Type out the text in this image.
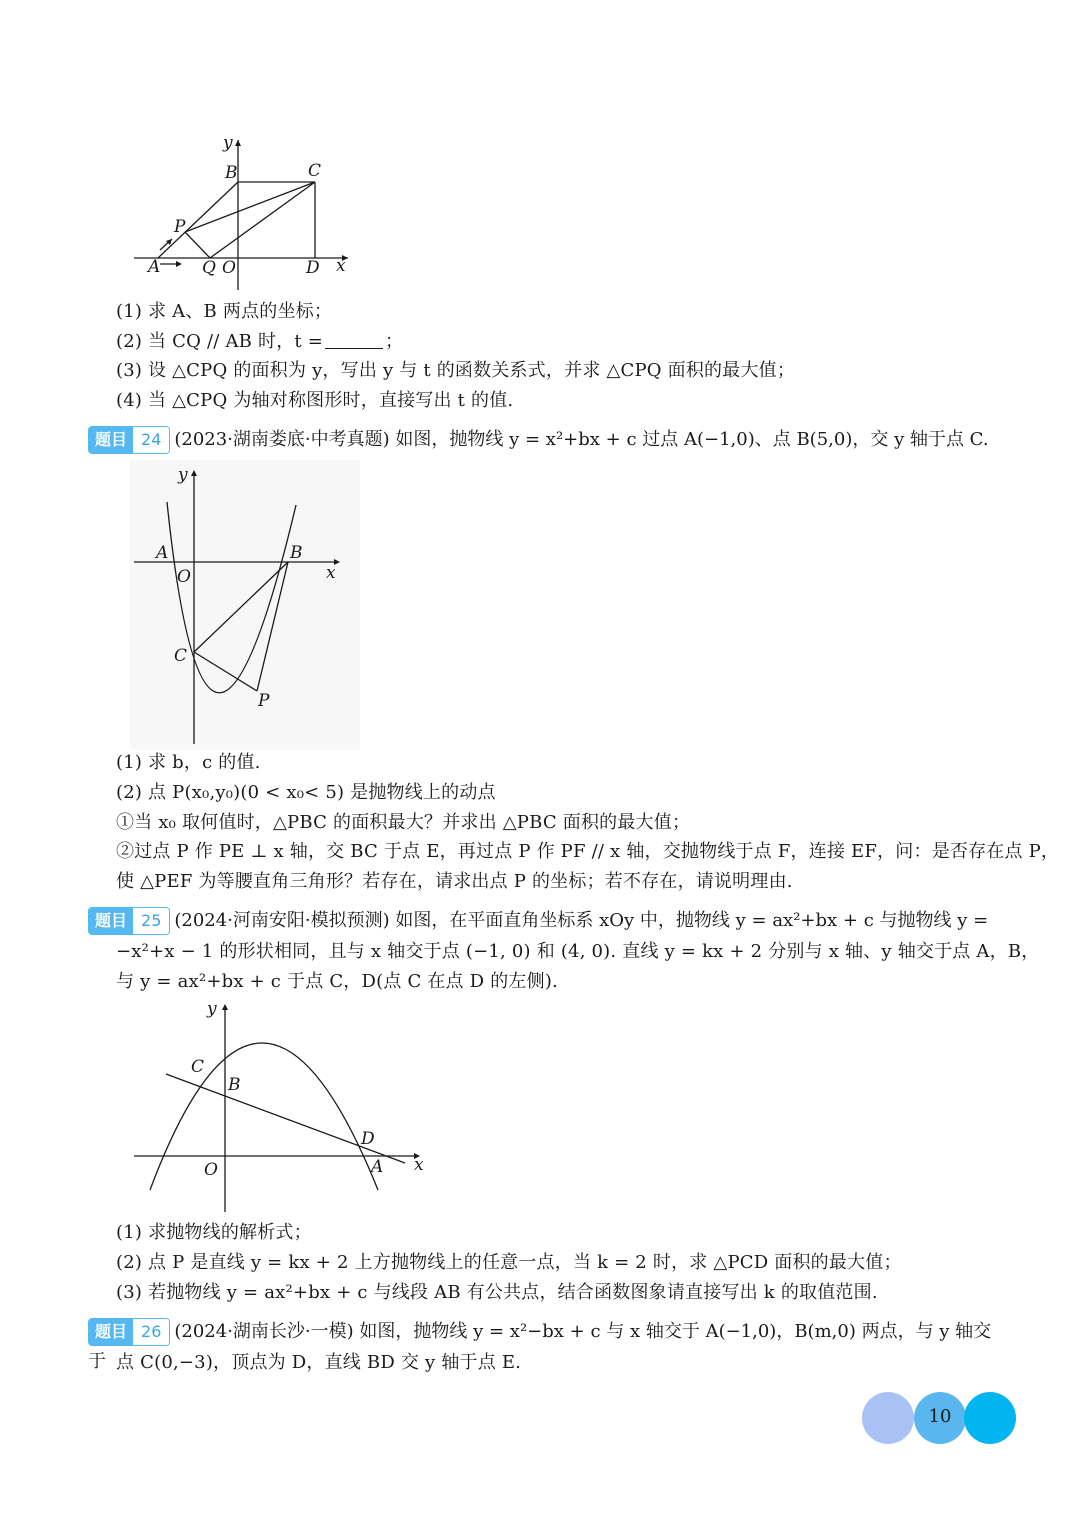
y
x
B	C
P
A Q O	D
(1) 求 A、B 两点的坐标；
(2) 当 CQ // AB 时，t =	；
(3) 设 △CPQ 的面积为 y，写出 y 与 t 的函数关系式，并求 △CPQ 面积的最大值；
(4) 当 △CPQ 为轴对称图形时，直接写出 t 的值.
题目 24 (2023·湖南娄底·中考真题) 如图，抛物线 y = x²+bx + c 过点 A(−1,0)、点 B(5,0)，交 y 轴于点 C.
y
x
A
O
B
C
P
(1) 求 b，c 的值.
(2) 点 P(x₀,y₀)(0 < x₀< 5) 是抛物线上的动点
①当 x₀ 取何值时，△PBC 的面积最大？并求出 △PBC 面积的最大值；
②过点 P 作 PE ⊥ x 轴，交 BC 于点 E，再过点 P 作 PF // x 轴，交抛物线于点 F，连接 EF，问：是否存在点 P，
使 △PEF 为等腰直角三角形？若存在，请求出点 P 的坐标；若不存在，请说明理由.
题目 25 (2024·河南安阳·模拟预测) 如图，在平面直角坐标系 xOy 中，抛物线 y = ax²+bx + c 与抛物线 y =
−x²+x − 1 的形状相同，且与 x 轴交于点 (−1, 0) 和 (4, 0). 直线 y = kx + 2 分别与 x 轴、y 轴交于点 A，B，
与 y = ax²+bx + c 于点 C，D(点 C 在点 D 的左侧).
y
x
C
B
D
O	A
(1) 求抛物线的解析式；
(2) 点 P 是直线 y = kx + 2 上方抛物线上的任意一点，当 k = 2 时，求 △PCD 面积的最大值；
(3) 若抛物线 y = ax²+bx + c 与线段 AB 有公共点，结合函数图象请直接写出 k 的取值范围.
题目 26 (2024·湖南长沙·一模) 如图，抛物线 y = x²−bx + c 与 x 轴交于 A(−1,0)，B(m,0) 两点，与 y 轴交于 点 C(0,−3)，顶点为 D，直线 BD 交 y 轴于点 E.
10
